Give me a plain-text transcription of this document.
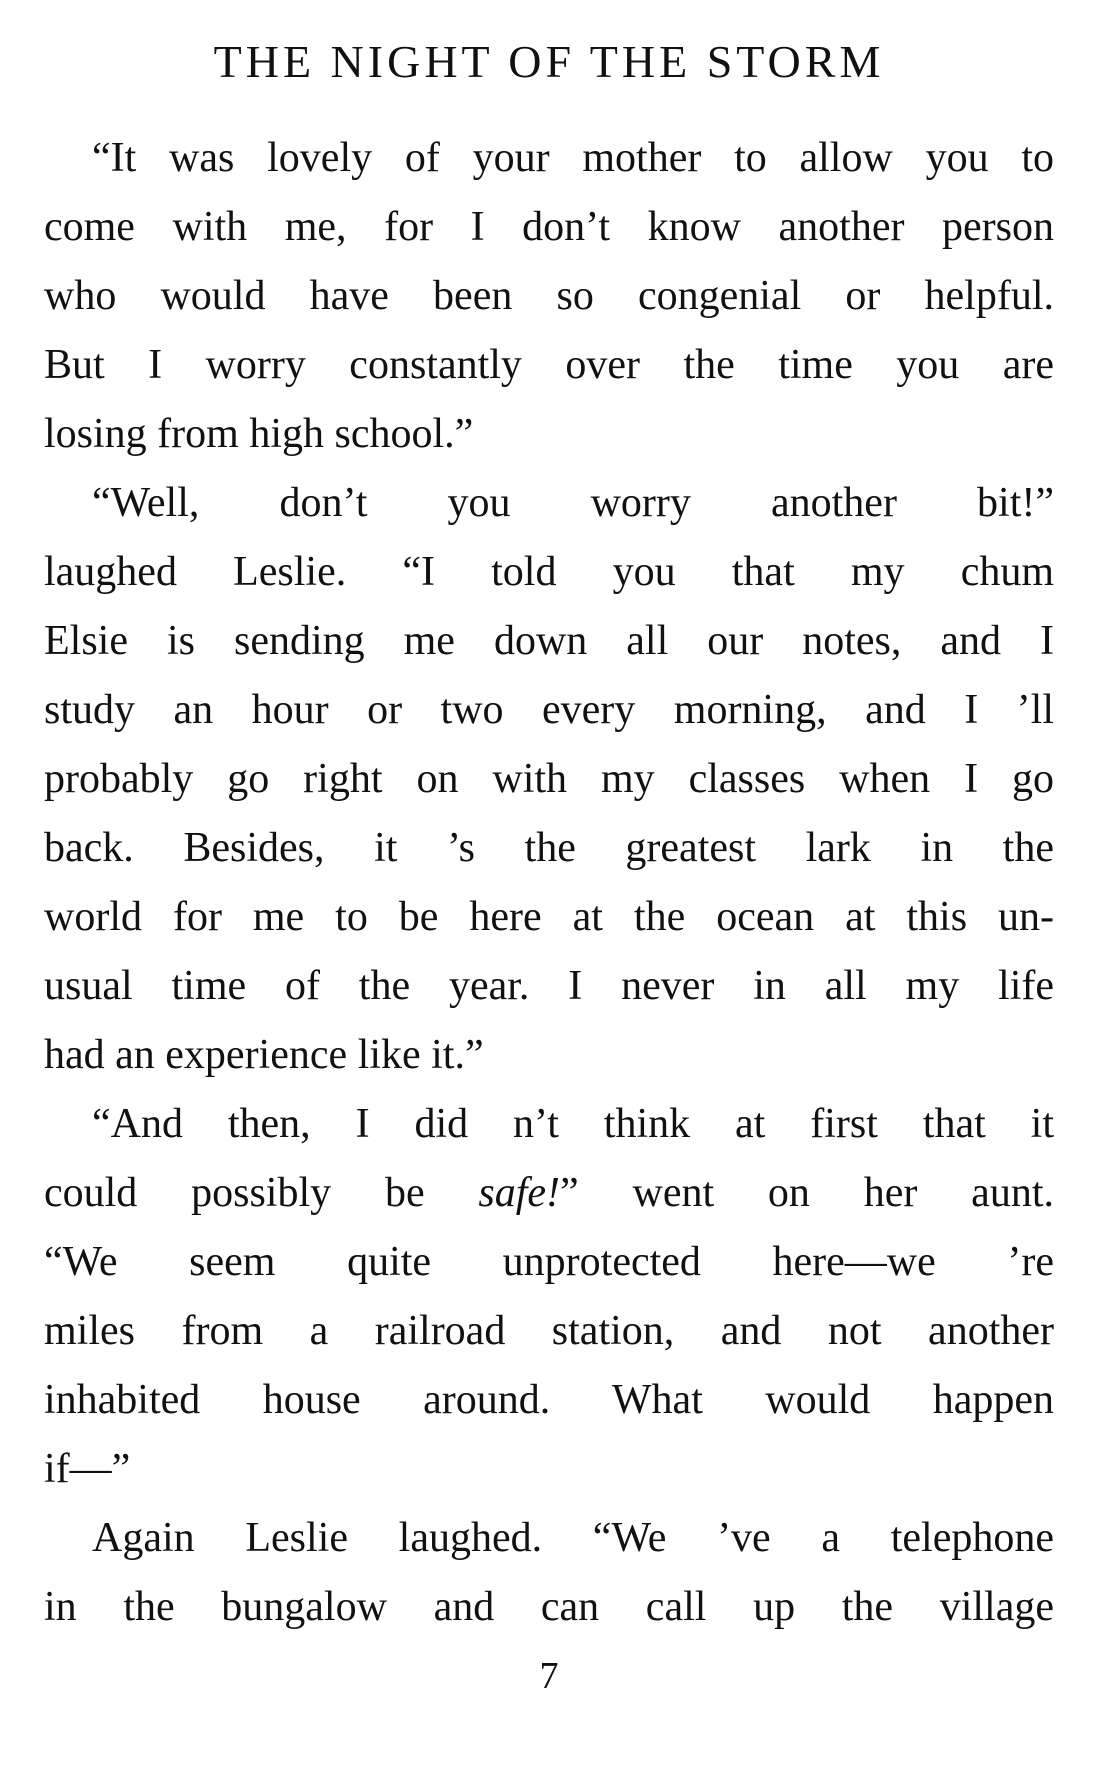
THE NIGHT OF THE STORM
“It was lovely of your mother to allow you to
come with me, for I don’t know another person
who would have been so congenial or helpful.
But I worry constantly over the time you are
losing from high school.”
“Well, don’t you worry another bit!”
laughed Leslie. “I told you that my chum
Elsie is sending me down all our notes, and I
study an hour or two every morning, and I ’ll
probably go right on with my classes when I go
back. Besides, it ’s the greatest lark in the
world for me to be here at the ocean at this un-
usual time of the year. I never in all my life
had an experience like it.”
“And then, I did n’t think at first that it
could possibly be safe!” went on her aunt.
“We seem quite unprotected here—we ’re
miles from a railroad station, and not another
inhabited house around. What would happen
if—”
Again Leslie laughed. “We ’ve a telephone
in the bungalow and can call up the village
7
